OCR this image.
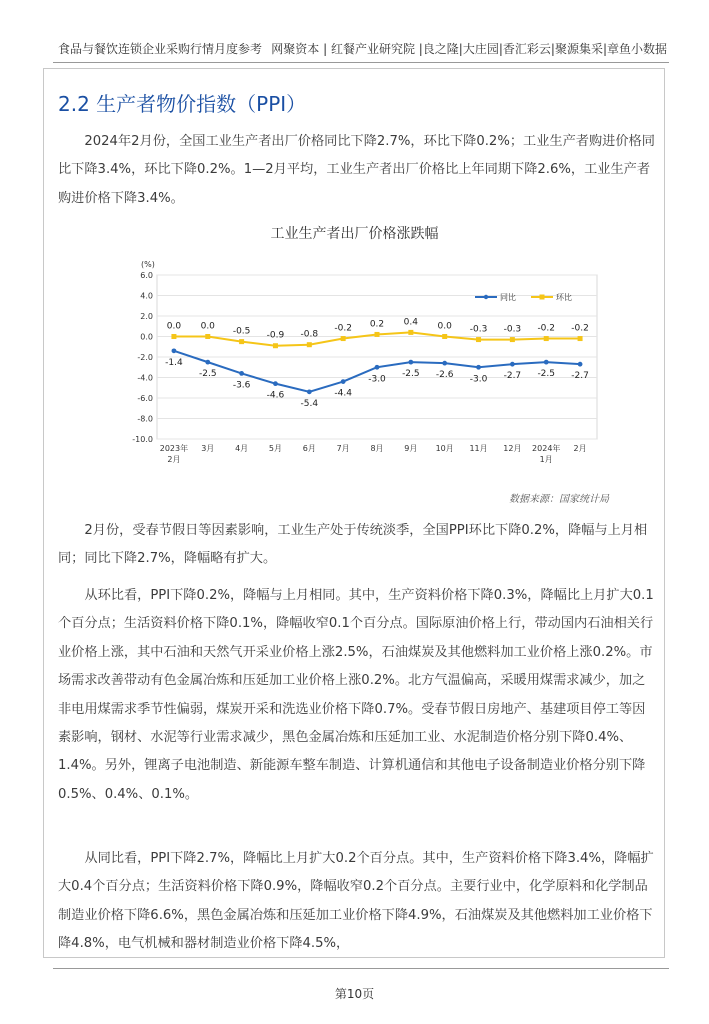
食品与餐饮连锁企业采购行情月度参考 网聚资本 | 红餐产业研究院 |良之隆|大庄园|香汇彩云|聚源集采|章鱼小数据
2.2 生产者物价指数（PPI）

2024年2月份，全国工业生产者出厂价格同比下降2.7%，环比下降0.2%；工业生产者购进价格同比下降3.4%，环比下降0.2%。1—2月平均，工业生产者出厂价格比上年同期下降2.6%，工业生产者购进价格下降3.4%。

工业生产者出厂价格涨跌幅
(%)
6.0
4.0
2.0
0.0
-2.0
-4.0
-6.0
-8.0
-10.0
2023年
2月
3月	4月	5月	6月	7月	8月	9月 10月 11月 12月 2024年
1月
2月
-1.4
-2.5
-3.6
-4.6
-5.4
-4.4
-3.0
-2.5 -2.6 -3.0 -2.7 -2.5 -2.7
0.0 0.0
-0.5 -0.9 -0.8
-0.2 0.2 0.4 0.0 -0.3 -0.3 -0.2 -0.2
同比	环比
数据来源：国家统计局

2月份，受春节假日等因素影响，工业生产处于传统淡季，全国PPI环比下降0.2%，降幅与上月相同；同比下降2.7%，降幅略有扩大。

从环比看，PPI下降0.2%，降幅与上月相同。其中，生产资料价格下降0.3%，降幅比上月扩大0.1个百分点；生活资料价格下降0.1%，降幅收窄0.1个百分点。国际原油价格上行，带动国内石油相关行业价格上涨，其中石油和天然气开采业价格上涨2.5%，石油煤炭及其他燃料加工业价格上涨0.2%。市场需求改善带动有色金属冶炼和压延加工业价格上涨0.2%。北方气温偏高，采暖用煤需求减少，加之非电用煤需求季节性偏弱，煤炭开采和洗选业价格下降0.7%。受春节假日房地产、基建项目停工等因素影响，钢材、水泥等行业需求减少，黑色金属冶炼和压延加工业、水泥制造价格分别下降0.4%、1.4%。另外，锂离子电池制造、新能源车整车制造、计算机通信和其他电子设备制造业价格分别下降0.5%、0.4%、0.1%。

从同比看，PPI下降2.7%，降幅比上月扩大0.2个百分点。其中，生产资料价格下降3.4%，降幅扩大0.4个百分点；生活资料价格下降0.9%，降幅收窄0.2个百分点。主要行业中，化学原料和化学制品制造业价格下降6.6%，黑色金属冶炼和压延加工业价格下降4.9%，石油煤炭及其他燃料加工业价格下降4.8%，电气机械和器材制造业价格下降4.5%，

第10页
